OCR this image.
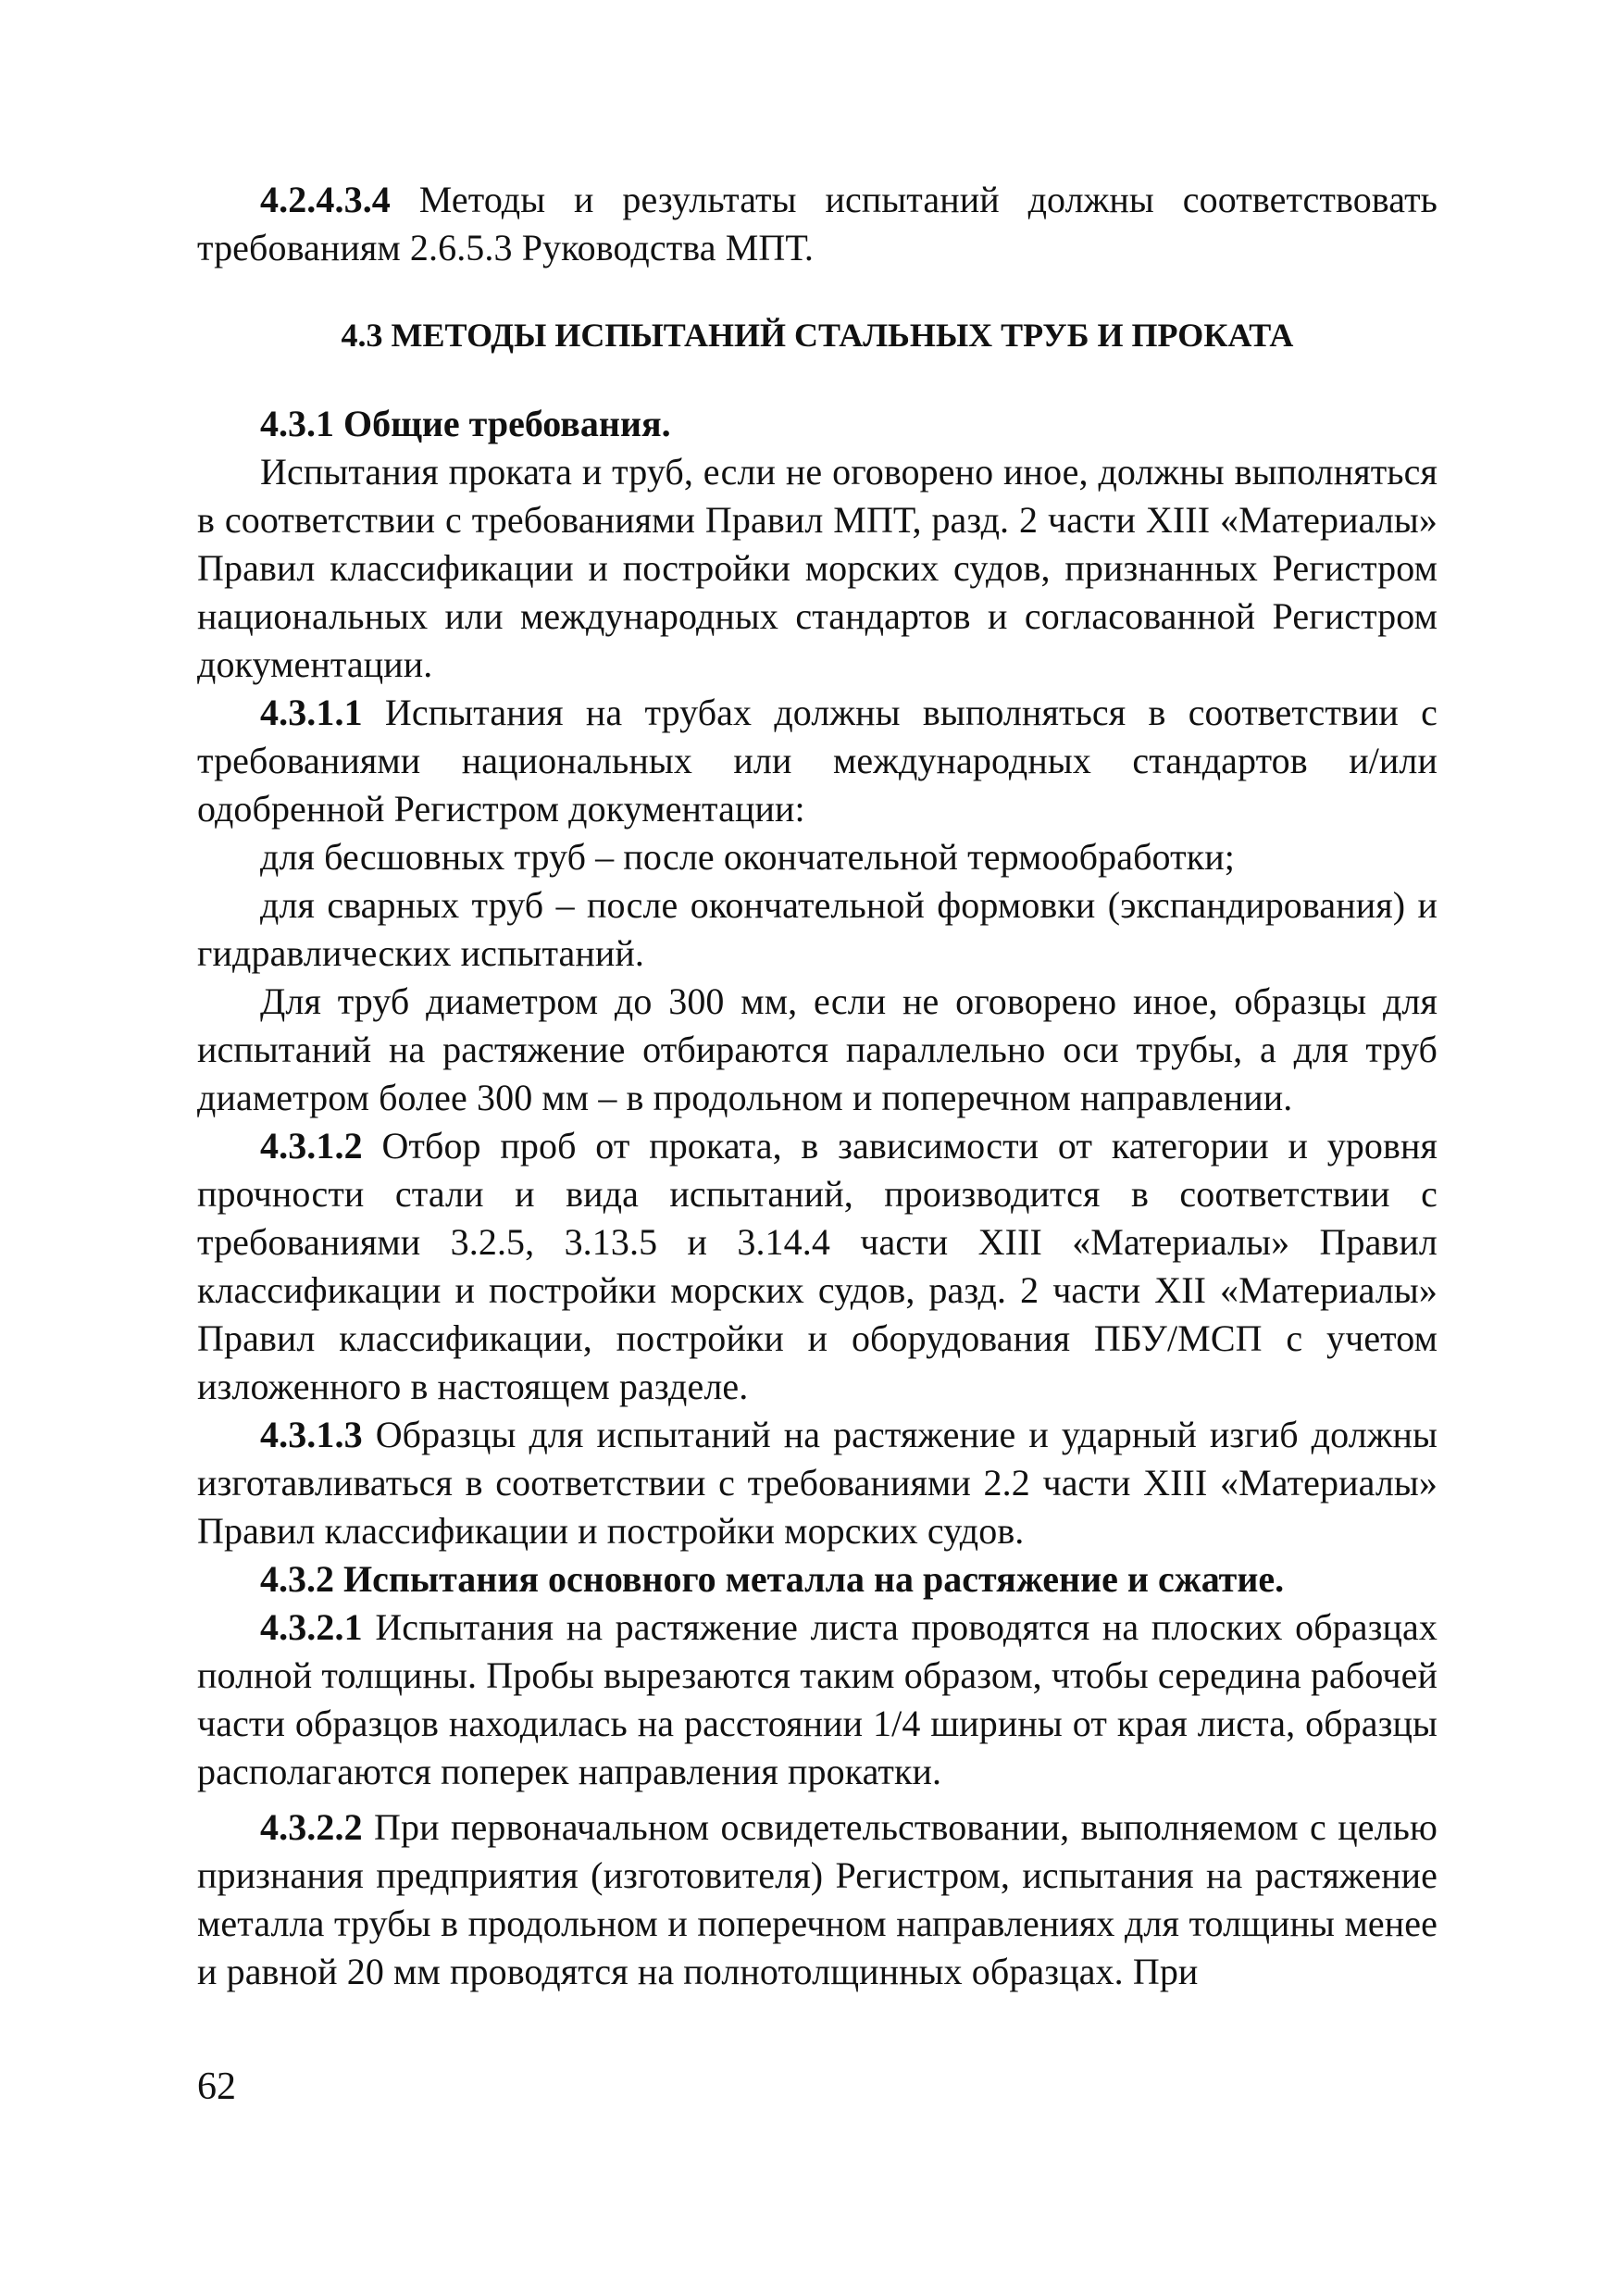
4.2.4.3.4 Методы и результаты испытаний должны соответствовать требованиям 2.6.5.3 Руководства МПТ.

4.3 МЕТОДЫ ИСПЫТАНИЙ СТАЛЬНЫХ ТРУБ И ПРОКАТА

4.3.1 Общие требования.

Испытания проката и труб, если не оговорено иное, должны выполняться в соответствии с требованиями Правил МПТ, разд. 2 части XIII «Материалы» Правил классификации и постройки морских судов, признанных Регистром национальных или международных стандартов и согласованной Регистром документации.

4.3.1.1 Испытания на трубах должны выполняться в соответствии с требованиями национальных или международных стандартов и/или одобренной Регистром документации:

для бесшовных труб – после окончательной термообработки;

для сварных труб – после окончательной формовки (экспандирования) и гидравлических испытаний.

Для труб диаметром до 300 мм, если не оговорено иное, образцы для испытаний на растяжение отбираются параллельно оси трубы, а для труб диаметром более 300 мм – в продольном и поперечном направлении.

4.3.1.2 Отбор проб от проката, в зависимости от категории и уровня прочности стали и вида испытаний, производится в соответствии с требованиями 3.2.5, 3.13.5 и 3.14.4 части XIII «Материалы» Правил классификации и постройки морских судов, разд. 2 части XII «Материалы» Правил классификации, постройки и оборудования ПБУ/МСП с учетом изложенного в настоящем разделе.

4.3.1.3 Образцы для испытаний на растяжение и ударный изгиб должны изготавливаться в соответствии с требованиями 2.2 части XIII «Материалы» Правил классификации и постройки морских судов.

4.3.2 Испытания основного металла на растяжение и сжатие.

4.3.2.1 Испытания на растяжение листа проводятся на плоских образцах полной толщины. Пробы вырезаются таким образом, чтобы середина рабочей части образцов находилась на расстоянии 1/4 ширины от края листа, образцы располагаются поперек направления прокатки.

4.3.2.2 При первоначальном освидетельствовании, выполняемом с целью признания предприятия (изготовителя) Регистром, испытания на растяжение металла трубы в продольном и поперечном направлениях для толщины менее и равной 20 мм проводятся на полнотолщинных образцах. При

62
